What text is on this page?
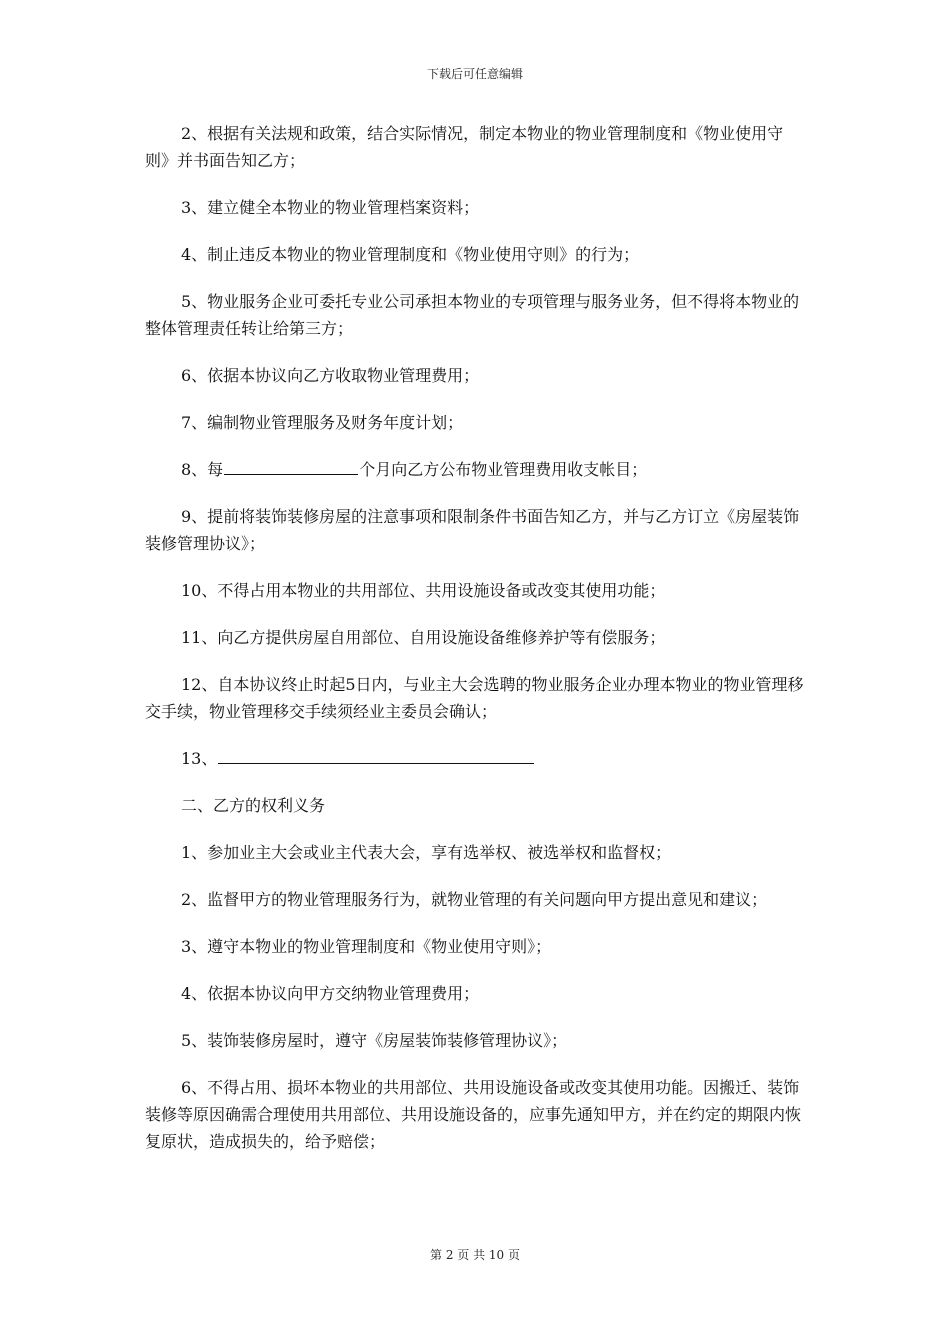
下载后可任意编辑

2、根据有关法规和政策，结合实际情况，制定本物业的物业管理制度和《物业使用守则》并书面告知乙方；

3、建立健全本物业的物业管理档案资料；

4、制止违反本物业的物业管理制度和《物业使用守则》的行为；

5、物业服务企业可委托专业公司承担本物业的专项管理与服务业务，但不得将本物业的整体管理责任转让给第三方；

6、依据本协议向乙方收取物业管理费用；

7、编制物业管理服务及财务年度计划；

8、每	个月向乙方公布物业管理费用收支帐目；

9、提前将装饰装修房屋的注意事项和限制条件书面告知乙方，并与乙方订立《房屋装饰装修管理协议》；

10、不得占用本物业的共用部位、共用设施设备或改变其使用功能；

11、向乙方提供房屋自用部位、自用设施设备维修养护等有偿服务；

12、自本协议终止时起5日内，与业主大会选聘的物业服务企业办理本物业的物业管理移交手续，物业管理移交手续须经业主委员会确认；

13、

二、乙方的权利义务

1、参加业主大会或业主代表大会，享有选举权、被选举权和监督权；

2、监督甲方的物业管理服务行为，就物业管理的有关问题向甲方提出意见和建议；

3、遵守本物业的物业管理制度和《物业使用守则》；

4、依据本协议向甲方交纳物业管理费用；

5、装饰装修房屋时，遵守《房屋装饰装修管理协议》；

6、不得占用、损坏本物业的共用部位、共用设施设备或改变其使用功能。因搬迁、装饰装修等原因确需合理使用共用部位、共用设施设备的，应事先通知甲方，并在约定的期限内恢复原状，造成损失的，给予赔偿；

第 2 页 共 10 页
